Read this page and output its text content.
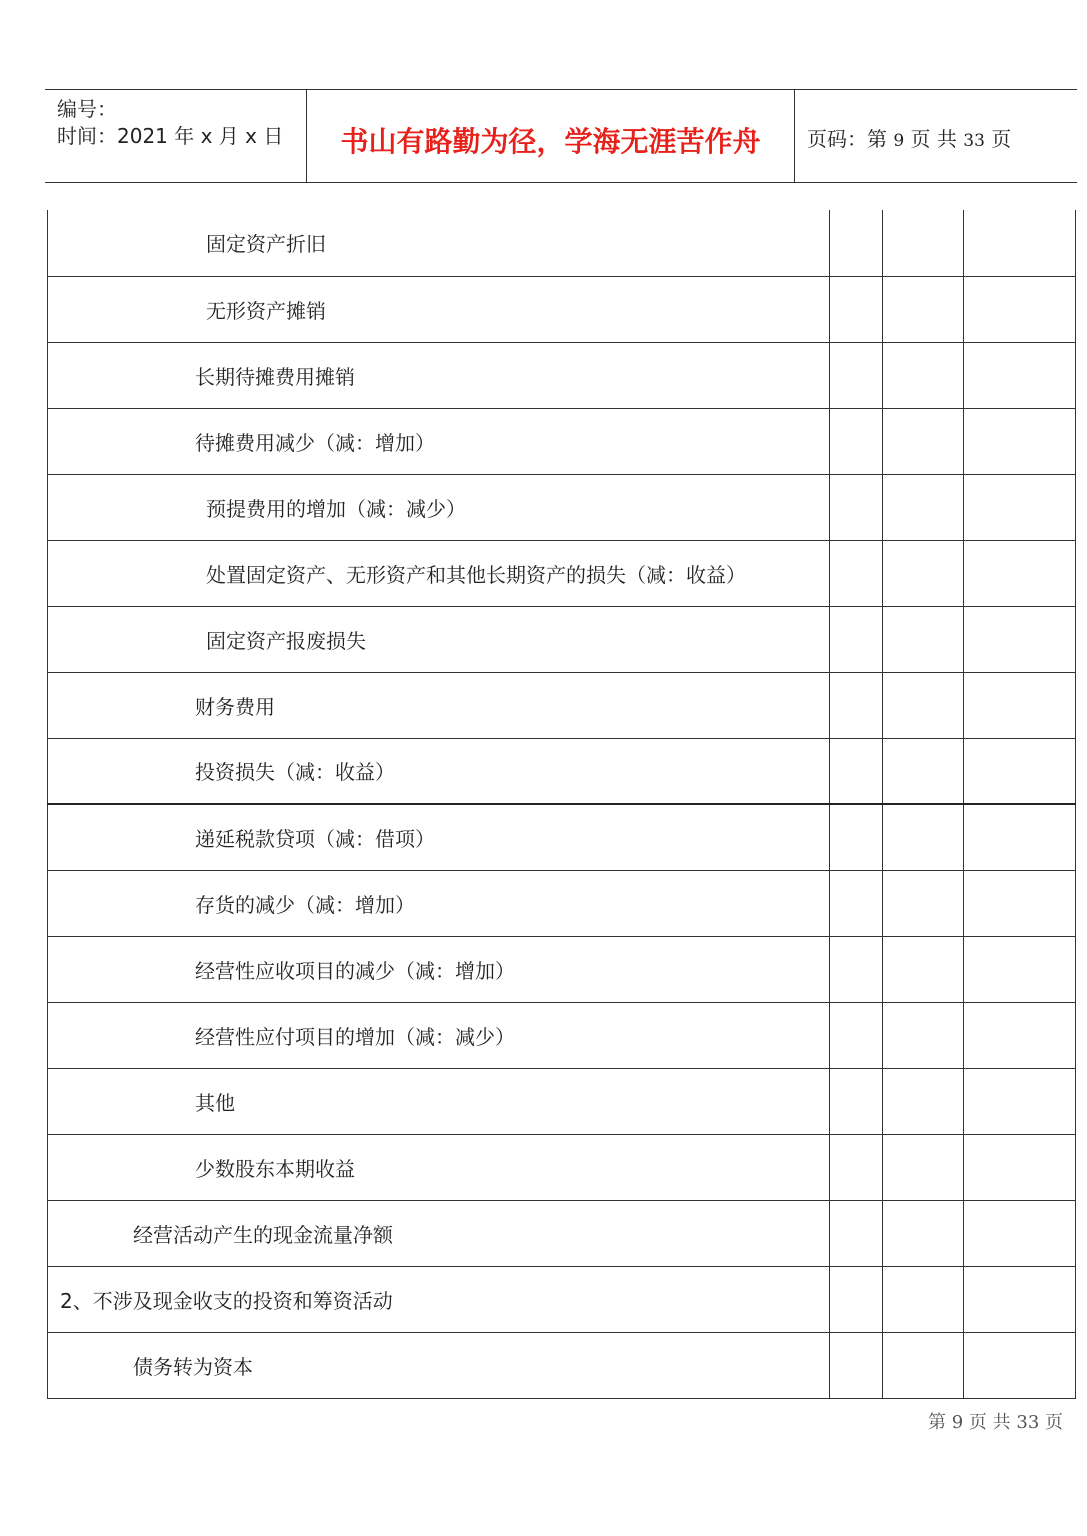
编号：
时间：2021 年 x 月 x 日	书山有路勤为径，学海无涯苦作舟	页码：第 9 页 共 33 页
固定资产折旧			
无形资产摊销			
长期待摊费用摊销			
待摊费用减少（减：增加）			
预提费用的增加（减：减少）			
处置固定资产、无形资产和其他长期资产的损失（减：收益）			
固定资产报废损失			
财务费用			
投资损失（减：收益）			
递延税款贷项（减：借项）			
存货的减少（减：增加）			
经营性应收项目的减少（减：增加）			
经营性应付项目的增加（减：减少）			
其他			
少数股东本期收益			
经营活动产生的现金流量净额			
2、不涉及现金收支的投资和筹资活动			
债务转为资本			
第 9 页 共 33 页
